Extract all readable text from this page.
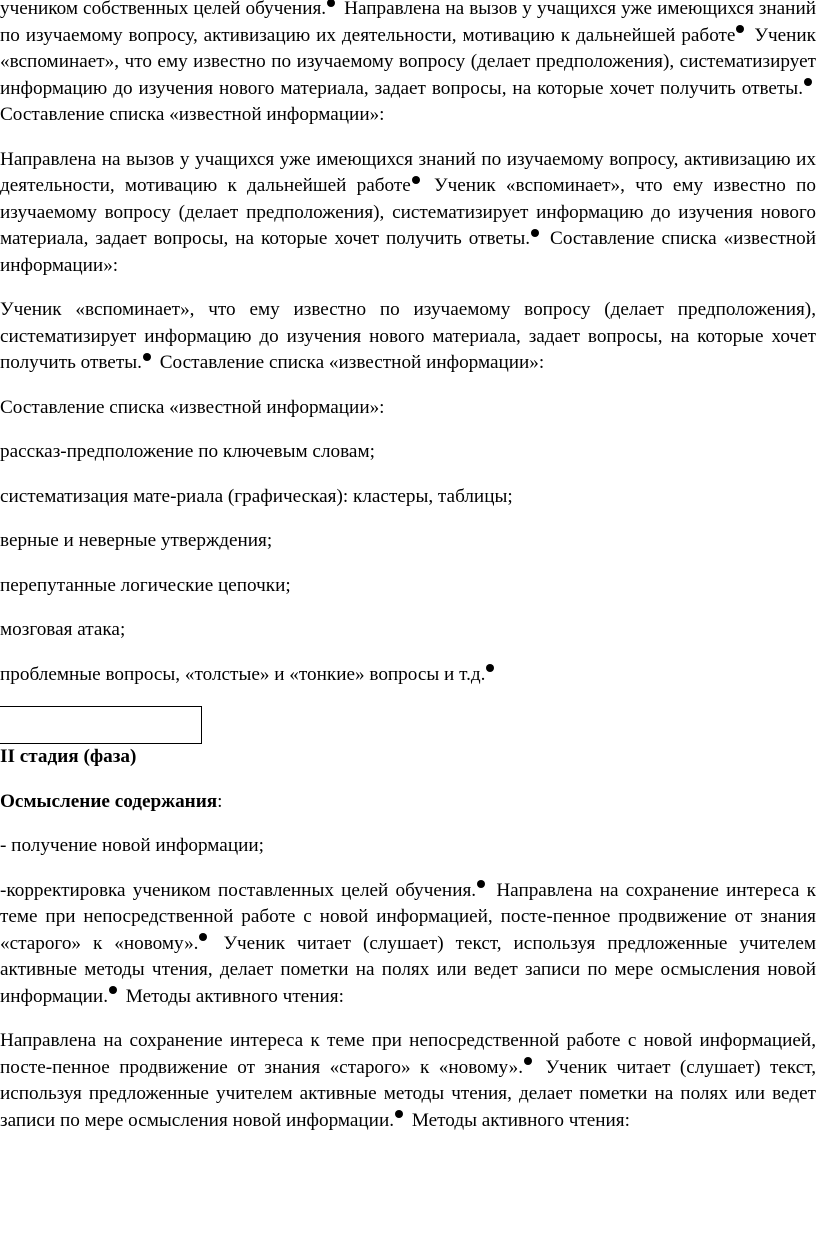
учеником собственных целей обучения. Направлена на вызов у учащихся уже имеющихся знаний по изучаемому вопросу, активизацию их деятельности, мотивацию к дальнейшей работе Ученик «вспоминает», что ему известно по изучаемому вопросу (делает предположения), систематизирует информацию до изучения нового материала, задает вопросы, на которые хочет получить ответы. Составление списка «известной информации»:

Направлена на вызов у учащихся уже имеющихся знаний по изучаемому вопросу, активизацию их деятельности, мотивацию к дальнейшей работе Ученик «вспоминает», что ему известно по изучаемому вопросу (делает предположения), систематизирует информацию до изучения нового материала, задает вопросы, на которые хочет получить ответы. Составление списка «известной информации»:

Ученик «вспоминает», что ему известно по изучаемому вопросу (делает предположения), систематизирует информацию до изучения нового материала, задает вопросы, на которые хочет получить ответы. Составление списка «известной информации»:

Составление списка «известной информации»:

рассказ-предположение по ключевым словам;

систематизация мате-риала (графическая): кластеры, таблицы;

верные и неверные утверждения;

перепутанные логические цепочки;

мозговая атака;

проблемные вопросы, «толстые» и «тонкие» вопросы и т.д.

II стадия (фаза)

Осмысление содержания:

- получение новой информации;

-корректировка учеником поставленных целей обучения. Направлена на сохранение интереса к теме при непосредственной работе с новой информацией, посте-пенное продвижение от знания «старого» к «новому». Ученик читает (слушает) текст, используя предложенные учителем активные методы чтения, делает пометки на полях или ведет записи по мере осмысления новой информации. Методы активного чтения:

Направлена на сохранение интереса к теме при непосредственной работе с новой информацией, посте-пенное продвижение от знания «старого» к «новому». Ученик читает (слушает) текст, используя предложенные учителем активные методы чтения, делает пометки на полях или ведет записи по мере осмысления новой информации. Методы активного чтения:
